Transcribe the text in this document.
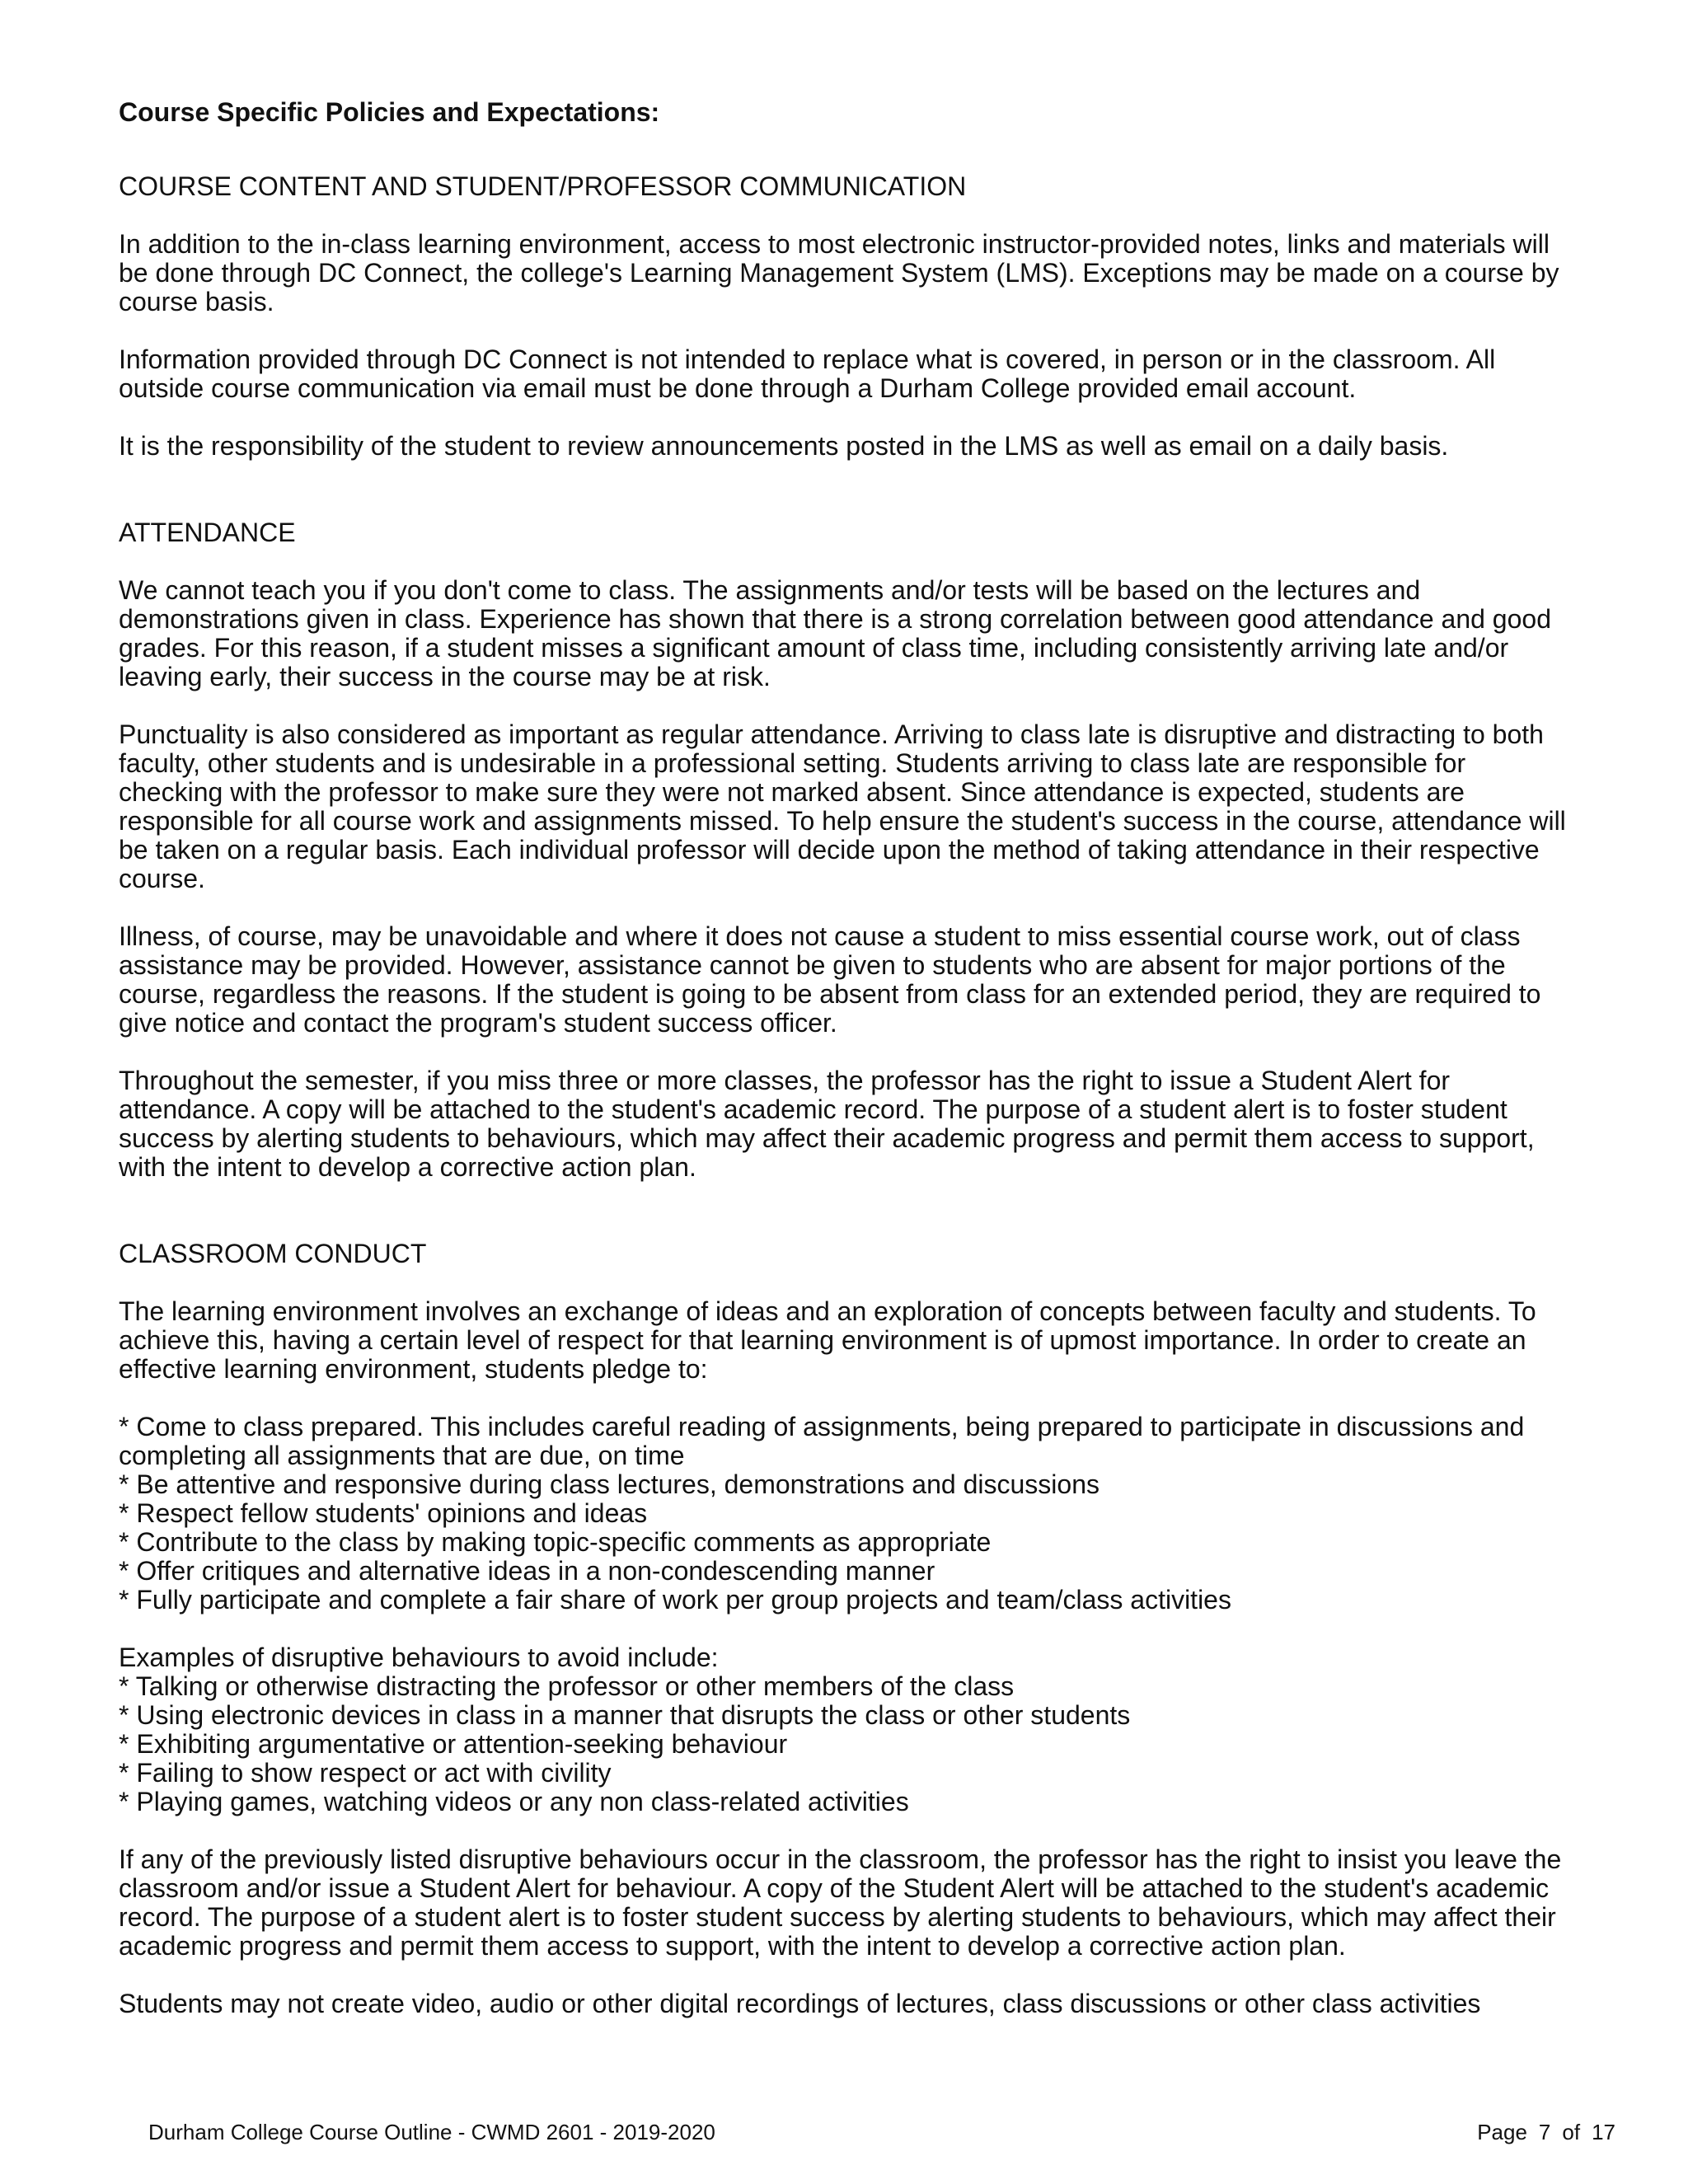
Course Specific Policies and Expectations:

COURSE CONTENT AND STUDENT/PROFESSOR COMMUNICATION

In addition to the in-class learning environment, access to most electronic instructor-provided notes, links and materials will be done through DC Connect, the college's Learning Management System (LMS). Exceptions may be made on a course by course basis.

Information provided through DC Connect is not intended to replace what is covered, in person or in the classroom. All outside course communication via email must be done through a Durham College provided email account.

It is the responsibility of the student to review announcements posted in the LMS as well as email on a daily basis.

ATTENDANCE

We cannot teach you if you don't come to class. The assignments and/or tests will be based on the lectures and demonstrations given in class. Experience has shown that there is a strong correlation between good attendance and good grades. For this reason, if a student misses a significant amount of class time, including consistently arriving late and/or leaving early, their success in the course may be at risk.

Punctuality is also considered as important as regular attendance. Arriving to class late is disruptive and distracting to both faculty, other students and is undesirable in a professional setting. Students arriving to class late are responsible for checking with the professor to make sure they were not marked absent. Since attendance is expected, students are responsible for all course work and assignments missed. To help ensure the student's success in the course, attendance will be taken on a regular basis. Each individual professor will decide upon the method of taking attendance in their respective course.

Illness, of course, may be unavoidable and where it does not cause a student to miss essential course work, out of class assistance may be provided. However, assistance cannot be given to students who are absent for major portions of the course, regardless the reasons. If the student is going to be absent from class for an extended period, they are required to give notice and contact the program's student success officer.

Throughout the semester, if you miss three or more classes, the professor has the right to issue a Student Alert for attendance. A copy will be attached to the student's academic record. The purpose of a student alert is to foster student success by alerting students to behaviours, which may affect their academic progress and permit them access to support, with the intent to develop a corrective action plan.

CLASSROOM CONDUCT

The learning environment involves an exchange of ideas and an exploration of concepts between faculty and students. To achieve this, having a certain level of respect for that learning environment is of upmost importance. In order to create an effective learning environment, students pledge to:

* Come to class prepared. This includes careful reading of assignments, being prepared to participate in discussions and completing all assignments that are due, on time
* Be attentive and responsive during class lectures, demonstrations and discussions
* Respect fellow students' opinions and ideas
* Contribute to the class by making topic-specific comments as appropriate
* Offer critiques and alternative ideas in a non-condescending manner
* Fully participate and complete a fair share of work per group projects and team/class activities
Examples of disruptive behaviours to avoid include:
* Talking or otherwise distracting the professor or other members of the class
* Using electronic devices in class in a manner that disrupts the class or other students
* Exhibiting argumentative or attention-seeking behaviour
* Failing to show respect or act with civility
* Playing games, watching videos or any non class-related activities

If any of the previously listed disruptive behaviours occur in the classroom, the professor has the right to insist you leave the classroom and/or issue a Student Alert for behaviour. A copy of the Student Alert will be attached to the student's academic record. The purpose of a student alert is to foster student success by alerting students to behaviours, which may affect their academic progress and permit them access to support, with the intent to develop a corrective action plan.

Students may not create video, audio or other digital recordings of lectures, class discussions or other class activities

Durham College Course Outline - CWMD 2601 - 2019-2020	Page 7 of 17
